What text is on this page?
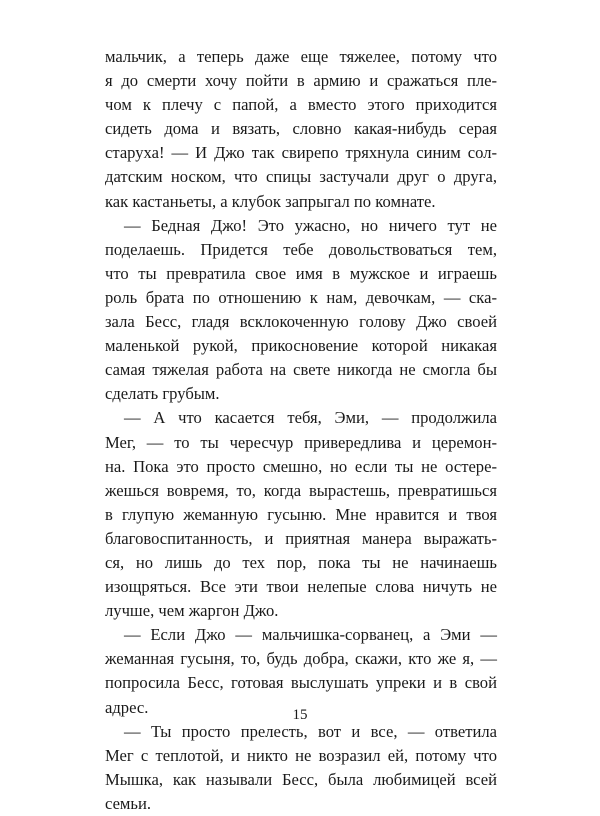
мальчик, а теперь даже еще тяжелее, потому что
я до смерти хочу пойти в армию и сражаться пле-
чом к плечу с папой, а вместо этого приходится
сидеть дома и вязать, словно какая-нибудь серая
старуха! — И Джо так свирепо тряхнула синим сол-
датским носком, что спицы застучали друг о друга,
как кастаньеты, а клубок запрыгал по комнате.
— Бедная Джо! Это ужасно, но ничего тут не
поделаешь. Придется тебе довольствоваться тем,
что ты превратила свое имя в мужское и играешь
роль брата по отношению к нам, девочкам, — ска-
зала Бесс, гладя всклокоченную голову Джо своей
маленькой рукой, прикосновение которой никакая
самая тяжелая работа на свете никогда не смогла бы
сделать грубым.
— А что касается тебя, Эми, — продолжила
Мег, — то ты чересчур привередлива и церемон-
на. Пока это просто смешно, но если ты не остере-
жешься вовремя, то, когда вырастешь, превратишься
в глупую жеманную гусыню. Мне нравится и твоя
благовоспитанность, и приятная манера выражать-
ся, но лишь до тех пор, пока ты не начинаешь
изощряться. Все эти твои нелепые слова ничуть не
лучше, чем жаргон Джо.
— Если Джо — мальчишка-сорванец, а Эми —
жеманная гусыня, то, будь добра, скажи, кто же я, —
попросила Бесс, готовая выслушать упреки и в свой
адрес.
— Ты просто прелесть, вот и все, — ответила
Мег с теплотой, и никто не возразил ей, потому что
Мышка, как называли Бесс, была любимицей всей
семьи.
15
